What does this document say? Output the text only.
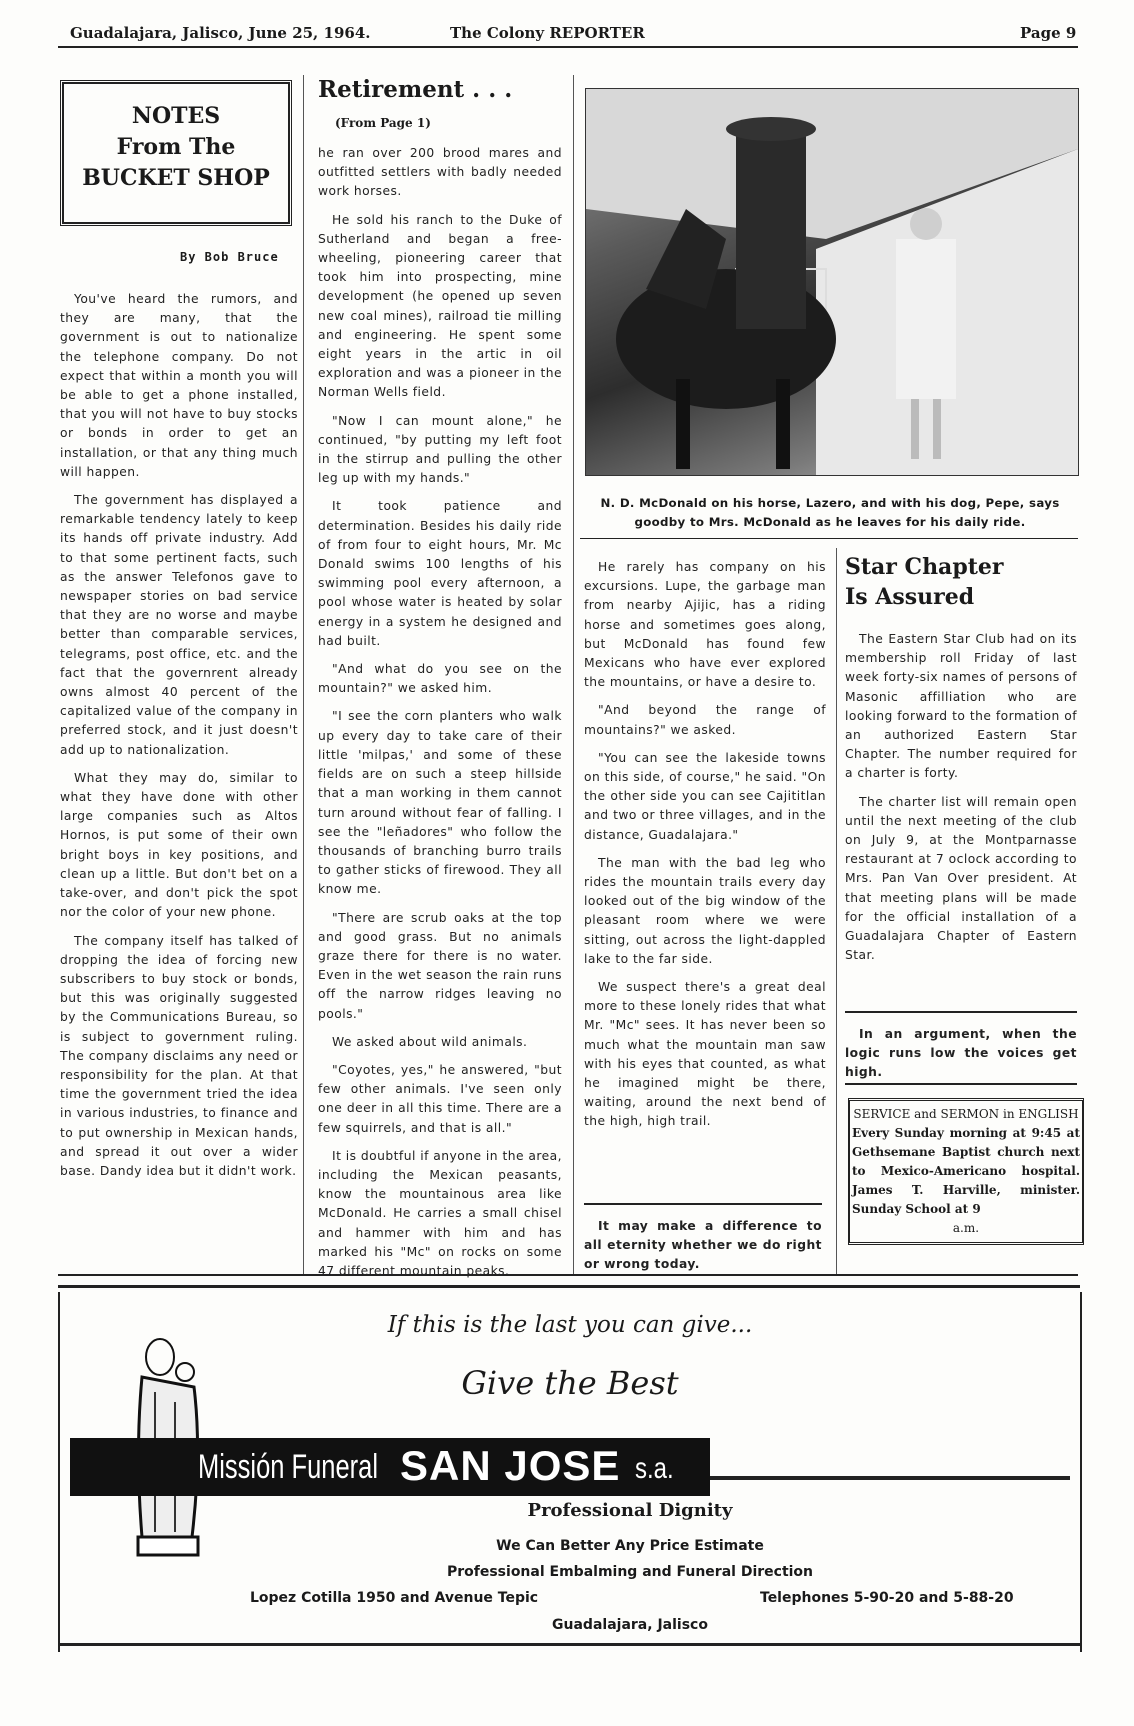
Guadalajara, Jalisco, June 25, 1964.	The Colony REPORTER	Page 9
NOTES
From The
BUCKET SHOP
By Bob Bruce

You've heard the rumors, and they are many, that the government is out to nationalize the telephone company. Do not expect that within a month you will be able to get a phone installed, that you will not have to buy stocks or bonds in order to get an installation, or that any thing much will happen.

The government has displayed a remarkable tendency lately to keep its hands off private industry. Add to that some pertinent facts, such as the answer Telefonos gave to newspaper stories on bad service that they are no worse and maybe better than comparable services, telegrams, post office, etc. and the fact that the governrent already owns almost 40 percent of the capitalized value of the company in preferred stock, and it just doesn't add up to nationalization.

What they may do, similar to what they have done with other large companies such as Altos Hornos, is put some of their own bright boys in key positions, and clean up a little. But don't bet on a take-over, and don't pick the spot nor the color of your new phone.

The company itself has talked of dropping the idea of forcing new subscribers to buy stock or bonds, but this was originally suggested by the Communications Bureau, so is subject to government ruling. The company disclaims any need or responsibility for the plan. At that time the government tried the idea in various industries, to finance and to put ownership in Mexican hands, and spread it out over a wider base. Dandy idea but it didn't work.

Retirement . . .
(From Page 1)

he ran over 200 brood mares and outfitted settlers with badly needed work horses.

He sold his ranch to the Duke of Sutherland and began a free-wheeling, pioneering career that took him into prospecting, mine development (he opened up seven new coal mines), railroad tie milling and engineering. He spent some eight years in the artic in oil exploration and was a pioneer in the Norman Wells field.

"Now I can mount alone," he continued, "by putting my left foot in the stirrup and pulling the other leg up with my hands."

It took patience and determination. Besides his daily ride of from four to eight hours, Mr. Mc Donald swims 100 lengths of his swimming pool every afternoon, a pool whose water is heated by solar energy in a system he designed and had built.

"And what do you see on the mountain?" we asked him.

"I see the corn planters who walk up every day to take care of their little 'milpas,' and some of these fields are on such a steep hillside that a man working in them cannot turn around without fear of falling. I see the "leñadores" who follow the thousands of branching burro trails to gather sticks of firewood. They all know me.

"There are scrub oaks at the top and good grass. But no animals graze there for there is no water. Even in the wet season the rain runs off the narrow ridges leaving no pools."

We asked about wild animals.

"Coyotes, yes," he answered, "but few other animals. I've seen only one deer in all this time. There are a few squirrels, and that is all."

It is doubtful if anyone in the area, including the Mexican peasants, know the mountainous area like McDonald. He carries a small chisel and hammer with him and has marked his "Mc" on rocks on some 47 different mountain peaks.

N. D. McDonald on his horse, Lazero, and with his dog, Pepe, says goodby to Mrs. McDonald as he leaves for his daily ride.

He rarely has company on his excursions. Lupe, the garbage man from nearby Ajijic, has a riding horse and sometimes goes along, but McDonald has found few Mexicans who have ever explored the mountains, or have a desire to.

"And beyond the range of mountains?" we asked.

"You can see the lakeside towns on this side, of course," he said. "On the other side you can see Cajititlan and two or three villages, and in the distance, Guadalajara."

The man with the bad leg who rides the mountain trails every day looked out of the big window of the pleasant room where we were sitting, out across the light-dappled lake to the far side.

We suspect there's a great deal more to these lonely rides that what Mr. "Mc" sees. It has never been so much what the mountain man saw with his eyes that counted, as what he imagined might be there, waiting, around the next bend of the high, high trail.

It may make a difference to all eternity whether we do right or wrong today.

Star Chapter
Is Assured

The Eastern Star Club had on its membership roll Friday of last week forty-six names of persons of Masonic affilliation who are looking forward to the formation of an authorized Eastern Star Chapter. The number required for a charter is forty.

The charter list will remain open until the next meeting of the club on July 9, at the Montparnasse restaurant at 7 oclock according to Mrs. Pan Van Over president. At that meeting plans will be made for the official installation of a Guadalajara Chapter of Eastern Star.

In an argument, when the logic runs low the voices get high.

SERVICE and SERMON in ENGLISH
Every Sunday morning at 9:45 at Gethsemane Baptist church next to Mexico-Americano hospital. James T. Harville, minister. Sunday School at 9
a.m.
If this is the last you can give...
Give the Best
Missión Funeral SAN JOSE s.a.
Professional Dignity
We Can Better Any Price Estimate
Professional Embalming and Funeral Direction
Lopez Cotilla 1950 and Avenue Tepic	Telephones 5-90-20 and 5-88-20
Guadalajara, Jalisco
